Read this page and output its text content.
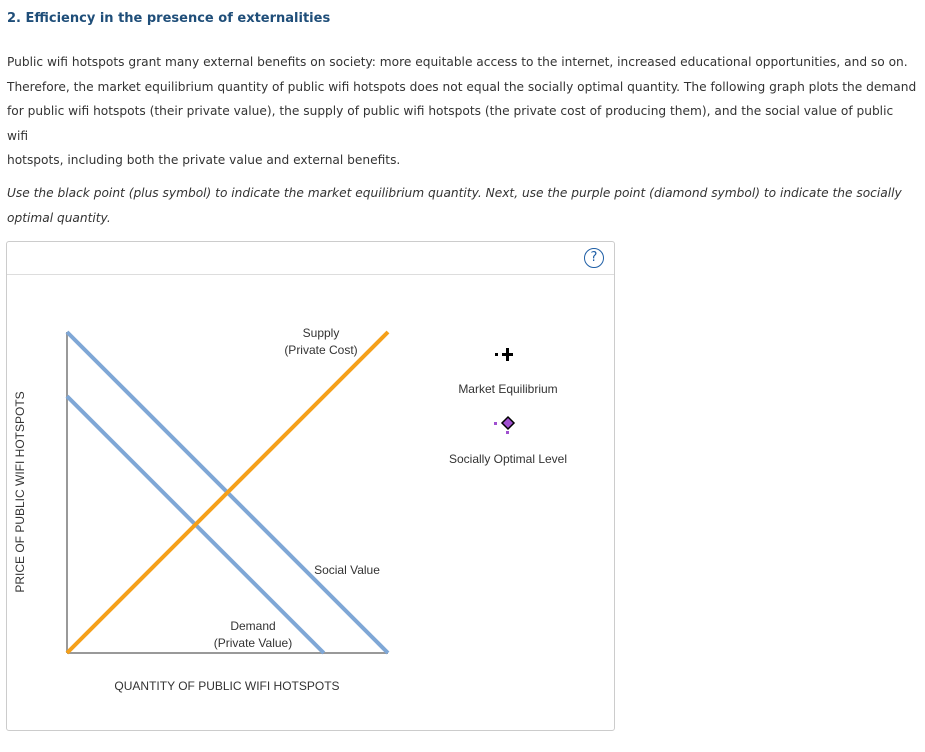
2. Efficiency in the presence of externalities

Public wifi hotspots grant many external benefits on society: more equitable access to the internet, increased educational opportunities, and so on.

Therefore, the market equilibrium quantity of public wifi hotspots does not equal the socially optimal quantity. The following graph plots the demand

for public wifi hotspots (their private value), the supply of public wifi hotspots (the private cost of producing them), and the social value of public wifi

hotspots, including both the private value and external benefits.

Use the black point (plus symbol) to indicate the market equilibrium quantity. Next, use the purple point (diamond symbol) to indicate the socially
optimal quantity.
?
PRICE OF PUBLIC WIFI HOTSPOTS
QUANTITY OF PUBLIC WIFI HOTSPOTS
Supply
(Private Cost)
Social Value
Demand
(Private Value)
Market Equilibrium
Socially Optimal Level
